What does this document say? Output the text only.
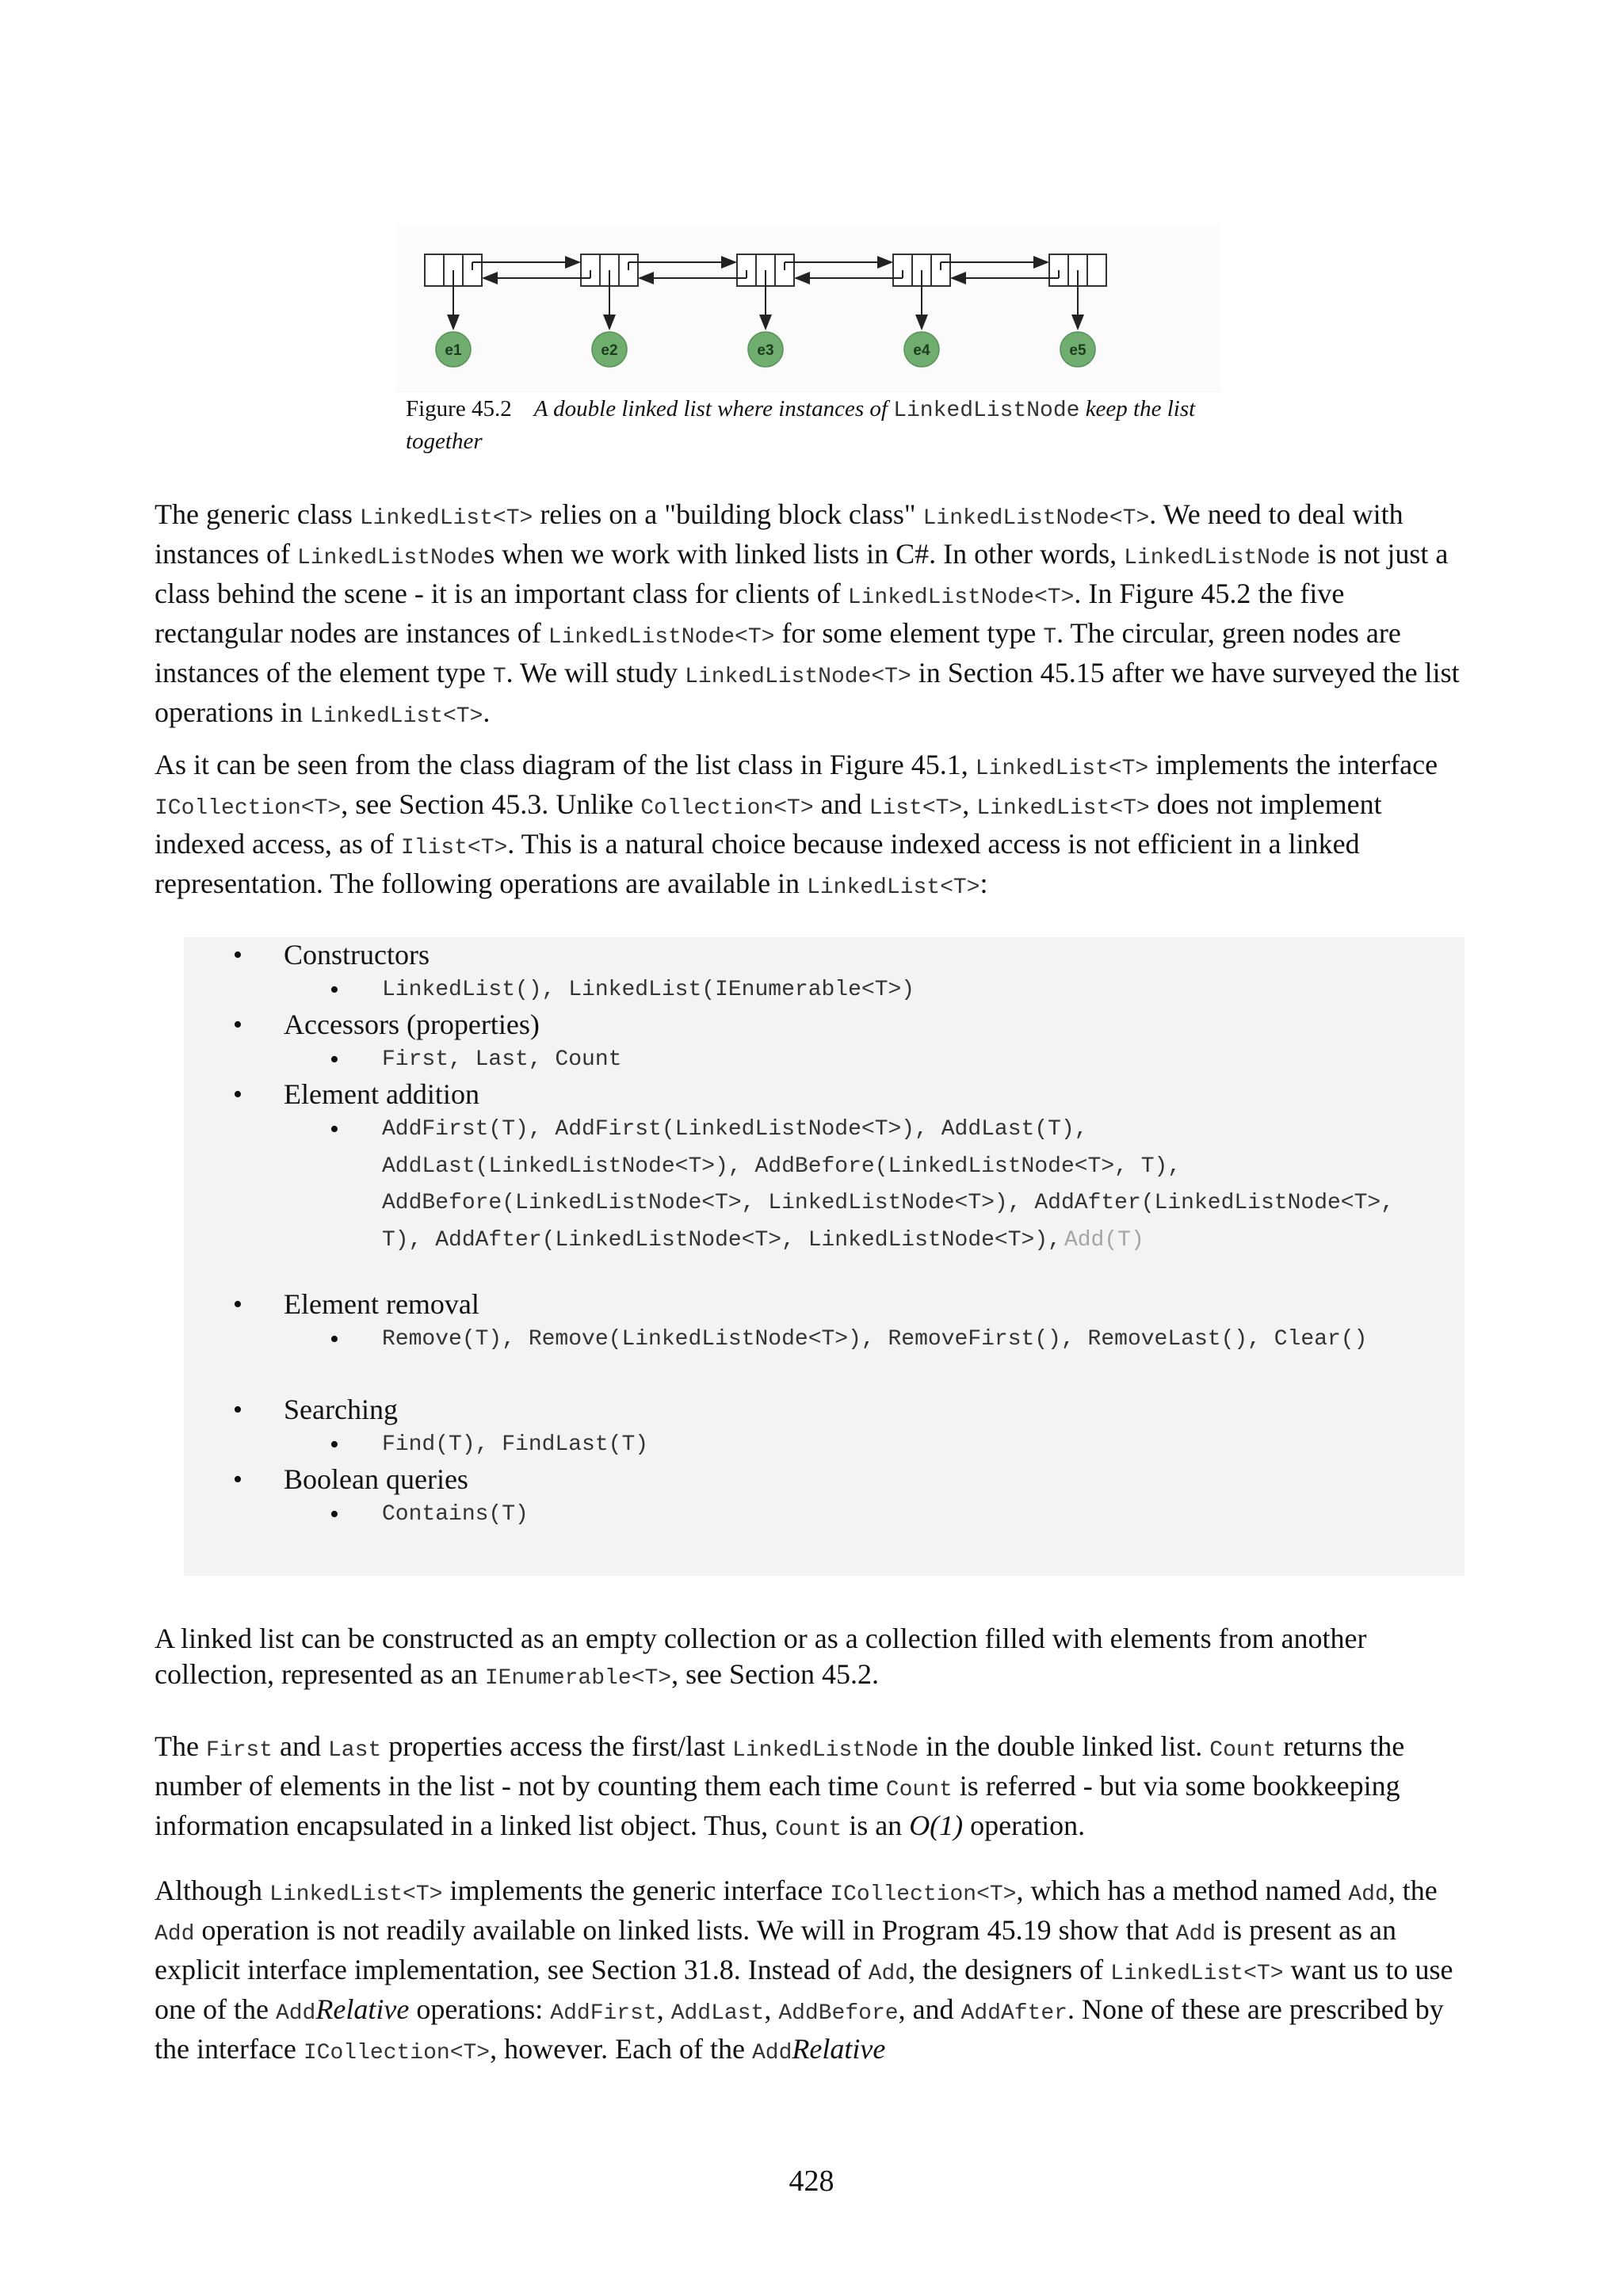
e1	e2	e3	e4	e5
Figure 45.2 A double linked list where instances of LinkedListNode keep the list together

The generic class LinkedList<T> relies on a "building block class" LinkedListNode<T>. We need to deal with instances of LinkedListNodes when we work with linked lists in C#. In other words, LinkedListNode is not just a class behind the scene - it is an important class for clients of LinkedListNode<T>. In Figure 45.2 the five rectangular nodes are instances of LinkedListNode<T> for some element type T. The circular, green nodes are instances of the element type T. We will study LinkedListNode<T> in Section 45.15 after we have surveyed the list operations in LinkedList<T>.

As it can be seen from the class diagram of the list class in Figure 45.1, LinkedList<T> implements the interface ICollection<T>, see Section 45.3. Unlike Collection<T> and List<T>, LinkedList<T> does not implement indexed access, as of Ilist<T>. This is a natural choice because indexed access is not efficient in a linked representation. The following operations are available in LinkedList<T>:

• Constructors
• LinkedList(), LinkedList(IEnumerable<T>)
• Accessors (properties)
• First, Last, Count
• Element addition
• AddFirst(T), AddFirst(LinkedListNode<T>), AddLast(T), AddLast(LinkedListNode<T>), AddBefore(LinkedListNode<T>, T), AddBefore(LinkedListNode<T>, LinkedListNode<T>), AddAfter(LinkedListNode<T>, T), AddAfter(LinkedListNode<T>, LinkedListNode<T>), Add(T)
• Element removal
• Remove(T), Remove(LinkedListNode<T>), RemoveFirst(), RemoveLast(), Clear()
• Searching
• Find(T), FindLast(T)
• Boolean queries
• Contains(T)

A linked list can be constructed as an empty collection or as a collection filled with elements from another collection, represented as an IEnumerable<T>, see Section 45.2.

The First and Last properties access the first/last LinkedListNode in the double linked list. Count returns the number of elements in the list - not by counting them each time Count is referred - but via some bookkeeping information encapsulated in a linked list object. Thus, Count is an O(1) operation.

Although LinkedList<T> implements the generic interface ICollection<T>, which has a method named Add, the Add operation is not readily available on linked lists. We will in Program 45.19 show that Add is present as an explicit interface implementation, see Section 31.8. Instead of Add, the designers of LinkedList<T> want us to use one of the AddRelative operations: AddFirst, AddLast, AddBefore, and AddAfter. None of these are prescribed by the interface ICollection<T>, however. Each of the AddRelative

428
